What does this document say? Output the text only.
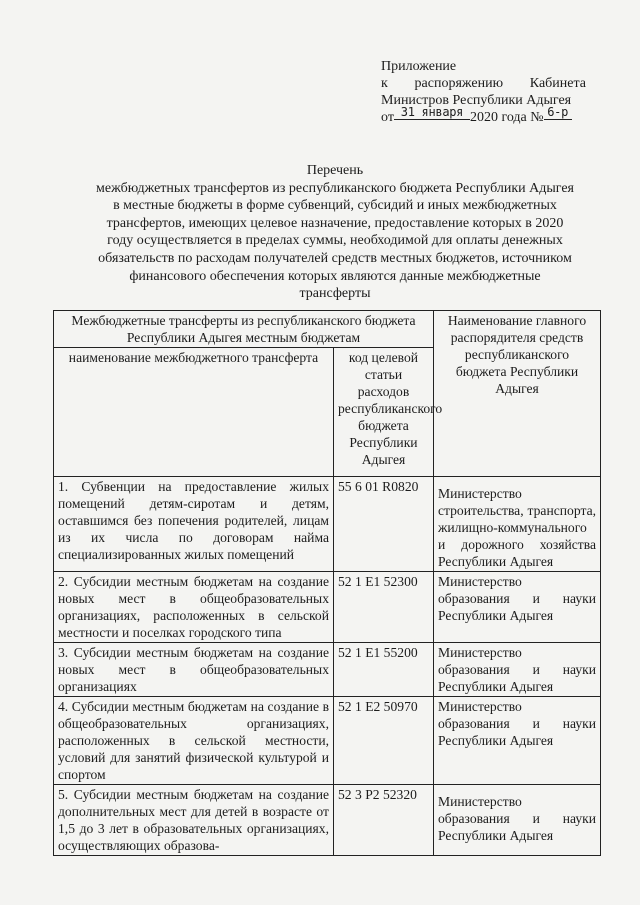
Приложение
к распоряжению Кабинета
Министров Республики Адыгея
от 31 января 2020 года № 6-р
Перечень
межбюджетных трансфертов из республиканского бюджета Республики Адыгея в местные бюджеты в форме субвенций, субсидий и иных межбюджетных трансфертов, имеющих целевое назначение, предоставление которых в 2020 году осуществляется в пределах суммы, необходимой для оплаты денежных обязательств по расходам получателей средств местных бюджетов, источником финансового обеспечения которых являются данные межбюджетные трансферты
Межбюджетные трансферты из республиканского бюджета Республики Адыгея местным бюджетам		Наименование главного распорядителя средств республиканского бюджета Республики Адыгея
наименование межбюджетного трансферта	код целевой статьи расходов республиканского бюджета Республики Адыгея	
1. Субвенции на предоставление жилых помещений детям-сиротам и детям, оставшимся без попечения родителей, лицам из их числа по договорам найма специализированных жилых помещений	55 6 01 R0820	Министерство строительства, транспорта, жилищно-коммунального и дорожного хозяйства Республики Адыгея
2. Субсидии местным бюджетам на создание новых мест в общеобразовательных организациях, расположенных в сельской местности и поселках городского типа	52 1 E1 52300	Министерство образования и науки Республики Адыгея
3. Субсидии местным бюджетам на создание новых мест в общеобразовательных организациях	52 1 E1 55200	Министерство образования и науки Республики Адыгея
4. Субсидии местным бюджетам на создание в общеобразовательных организациях, расположенных в сельской местности, условий для занятий физической культурой и спортом	52 1 E2 50970	Министерство образования и науки Республики Адыгея
5. Субсидии местным бюджетам на создание дополнительных мест для детей в возрасте от 1,5 до 3 лет в образовательных организациях, осуществляющих образова-	52 3 P2 52320	Министерство образования и науки Республики Адыгея
